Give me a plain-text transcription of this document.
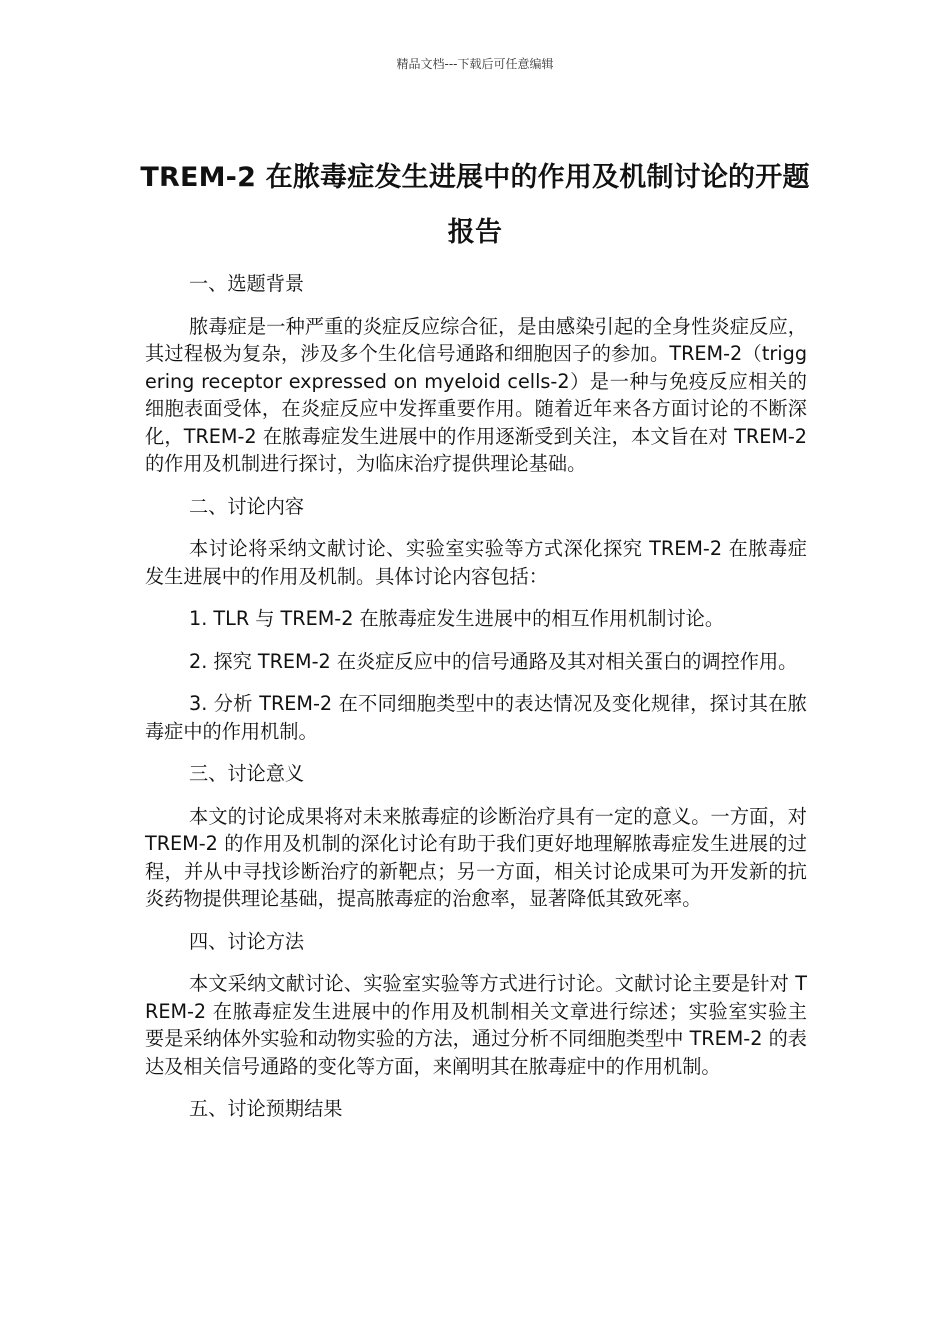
精品文档---下载后可任意编辑
TREM-2 在脓毒症发生进展中的作用及机制讨论的开题报告
一、选题背景

脓毒症是一种严重的炎症反应综合征，是由感染引起的全身性炎症反应，其过程极为复杂，涉及多个生化信号通路和细胞因子的参加。TREM-2（triggering receptor expressed on myeloid cells-2）是一种与免疫反应相关的细胞表面受体，在炎症反应中发挥重要作用。随着近年来各方面讨论的不断深化，TREM-2 在脓毒症发生进展中的作用逐渐受到关注，本文旨在对 TREM-2 的作用及机制进行探讨，为临床治疗提供理论基础。

二、讨论内容

本讨论将采纳文献讨论、实验室实验等方式深化探究 TREM-2 在脓毒症发生进展中的作用及机制。具体讨论内容包括：

1. TLR 与 TREM-2 在脓毒症发生进展中的相互作用机制讨论。

2. 探究 TREM-2 在炎症反应中的信号通路及其对相关蛋白的调控作用。

3. 分析 TREM-2 在不同细胞类型中的表达情况及变化规律，探讨其在脓毒症中的作用机制。

三、讨论意义

本文的讨论成果将对未来脓毒症的诊断治疗具有一定的意义。一方面，对 TREM-2 的作用及机制的深化讨论有助于我们更好地理解脓毒症发生进展的过程，并从中寻找诊断治疗的新靶点；另一方面，相关讨论成果可为开发新的抗炎药物提供理论基础，提高脓毒症的治愈率，显著降低其致死率。

四、讨论方法

本文采纳文献讨论、实验室实验等方式进行讨论。文献讨论主要是针对 TREM-2 在脓毒症发生进展中的作用及机制相关文章进行综述；实验室实验主要是采纳体外实验和动物实验的方法，通过分析不同细胞类型中 TREM-2 的表达及相关信号通路的变化等方面，来阐明其在脓毒症中的作用机制。

五、讨论预期结果
